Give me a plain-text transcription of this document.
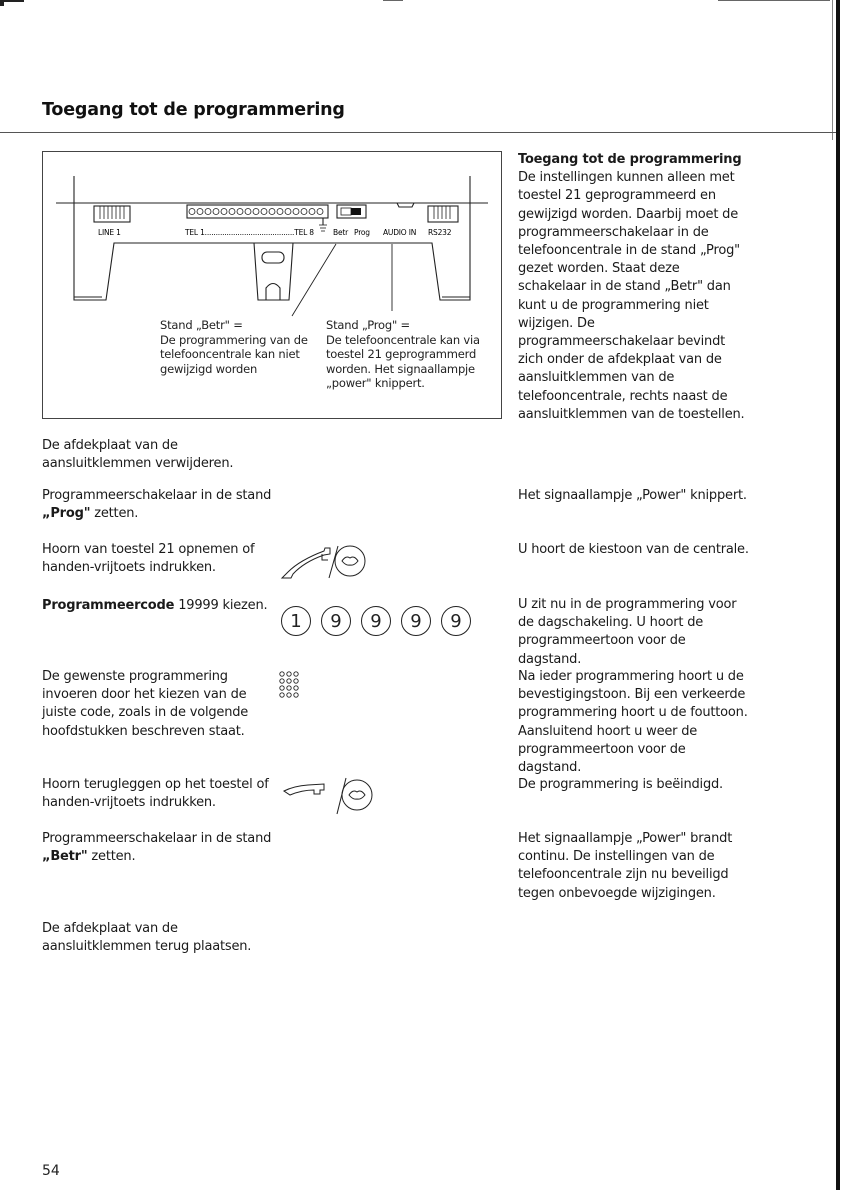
Toegang tot de programmering
LINE 1	TEL 1.........................................TEL 8	Betr Prog AUDIO IN RS232
Stand „Betr" =
De programmering van de telefooncentrale kan niet gewijzigd worden
Stand „Prog" =
De telefooncentrale kan via toestel 21 geprogrammerd worden. Het signaallampje „power" knippert.
Toegang tot de programmering
De instellingen kunnen alleen met toestel 21 geprogrammeerd en gewijzigd worden. Daarbij moet de programmeerschakelaar in de telefooncentrale in de stand „Prog" gezet worden. Staat deze schakelaar in de stand „Betr" dan kunt u de programmering niet wijzigen. De programmeerschakelaar bevindt zich onder de afdekplaat van de aansluitklemmen van de telefooncentrale, rechts naast de aansluitklemmen van de toestellen.
De afdekplaat van de aansluitklemmen verwijderen.
Programmeerschakelaar in de stand „Prog" zetten.
Het signaallampje „Power" knippert.
Hoorn van toestel 21 opnemen of handen-vrijtoets indrukken.
U hoort de kiestoon van de centrale.
Programmeercode 19999 kiezen.
1	9	9	9	9
U zit nu in de programmering voor de dagschakeling. U hoort de programmeertoon voor de dagstand.
De gewenste programmering invoeren door het kiezen van de juiste code, zoals in de volgende hoofdstukken beschreven staat.
Na ieder programmering hoort u de bevestigingstoon. Bij een verkeerde programmering hoort u de fouttoon. Aansluitend hoort u weer de programmeertoon voor de dagstand.
Hoorn terugleggen op het toestel of handen-vrijtoets indrukken.
De programmering is beëindigd.
Programmeerschakelaar in de stand „Betr" zetten.
Het signaallampje „Power" brandt continu. De instellingen van de telefooncentrale zijn nu beveiligd tegen onbevoegde wijzigingen.
De afdekplaat van de aansluitklemmen terug plaatsen.
54
